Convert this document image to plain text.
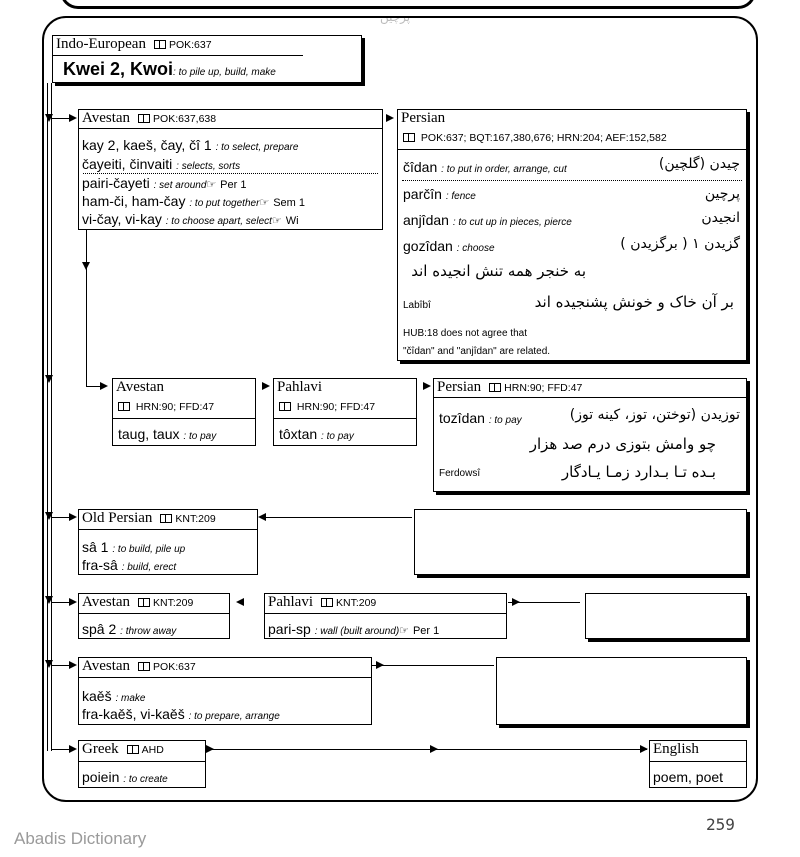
پرچین
Indo-European POK:637
Kwei 2, Kwoi: to pile up, build, make
Avestan POK:637,638
kay 2, kaeš, čay, čî 1 : to select, prepare
čayeiti, činvaiti : selects, sorts
pairi-čayeti : set around☞ Per 1
ham-či, ham-čay : to put together☞ Sem 1
vi-čay, vi-kay : to choose apart, select☞ Wi
Persian
POK:637; BQT:167,380,676; HRN:204; AEF:152,582
čîdan : to put in order, arrange, cut	چیدن (گلچین)
parčîn : fence	پرچین
anjîdan : to cut up in pieces, pierce	انجیدن
gozîdan : choose	گزیدن ۱ ( برگزیدن )
به خنجر همه تنش انجیده اند
بر آن خاک و خونش پشنجیده اند
Labîbî
HUB:18 does not agree that
"čîdan" and "anjîdan" are related.
Avestan
HRN:90; FFD:47
taug, taux : to pay
Pahlavi
HRN:90; FFD:47
tôxtan : to pay
Persian HRN:90; FFD:47
tozîdan : to pay	توزیدن (توختن، توز، کینه توز)
چو وامش بتوزی درم صد هزار
بـده تـا بـدارد زمـا یـادگار
Ferdowsî
Old Persian KNT:209
sâ 1 : to build, pile up
fra-sâ : build, erect
Avestan KNT:209
spâ 2 : throw away
Pahlavi KNT:209
pari-sp : wall (built around)☞ Per 1
Avestan POK:637
kaěš : make
fra-kaěš, vi-kaěš : to prepare, arrange
Greek AHD
poiein : to create
English
poem, poet
259
Abadis Dictionary
